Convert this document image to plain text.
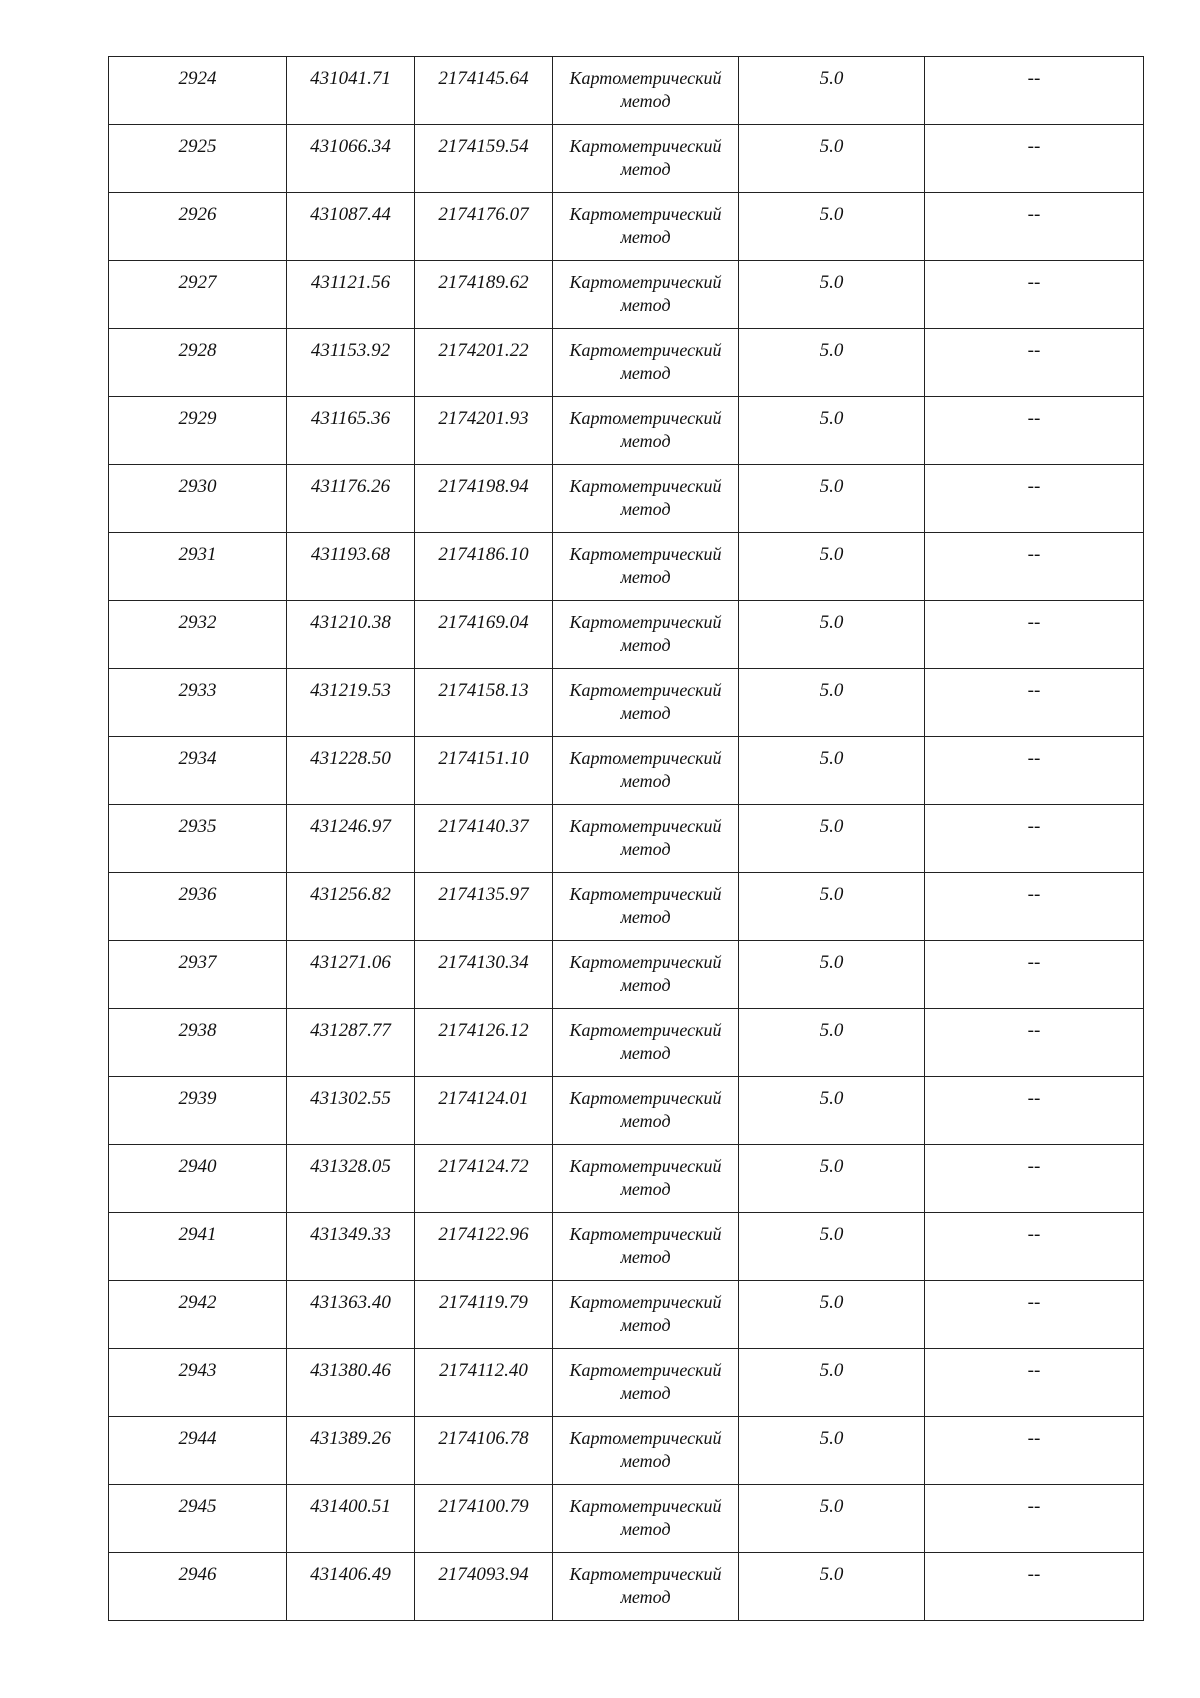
2924	431041.71	2174145.64	Картометрический
метод	5.0	--
2925	431066.34	2174159.54	Картометрический
метод	5.0	--
2926	431087.44	2174176.07	Картометрический
метод	5.0	--
2927	431121.56	2174189.62	Картометрический
метод	5.0	--
2928	431153.92	2174201.22	Картометрический
метод	5.0	--
2929	431165.36	2174201.93	Картометрический
метод	5.0	--
2930	431176.26	2174198.94	Картометрический
метод	5.0	--
2931	431193.68	2174186.10	Картометрический
метод	5.0	--
2932	431210.38	2174169.04	Картометрический
метод	5.0	--
2933	431219.53	2174158.13	Картометрический
метод	5.0	--
2934	431228.50	2174151.10	Картометрический
метод	5.0	--
2935	431246.97	2174140.37	Картометрический
метод	5.0	--
2936	431256.82	2174135.97	Картометрический
метод	5.0	--
2937	431271.06	2174130.34	Картометрический
метод	5.0	--
2938	431287.77	2174126.12	Картометрический
метод	5.0	--
2939	431302.55	2174124.01	Картометрический
метод	5.0	--
2940	431328.05	2174124.72	Картометрический
метод	5.0	--
2941	431349.33	2174122.96	Картометрический
метод	5.0	--
2942	431363.40	2174119.79	Картометрический
метод	5.0	--
2943	431380.46	2174112.40	Картометрический
метод	5.0	--
2944	431389.26	2174106.78	Картометрический
метод	5.0	--
2945	431400.51	2174100.79	Картометрический
метод	5.0	--
2946	431406.49	2174093.94	Картометрический
метод	5.0	--
